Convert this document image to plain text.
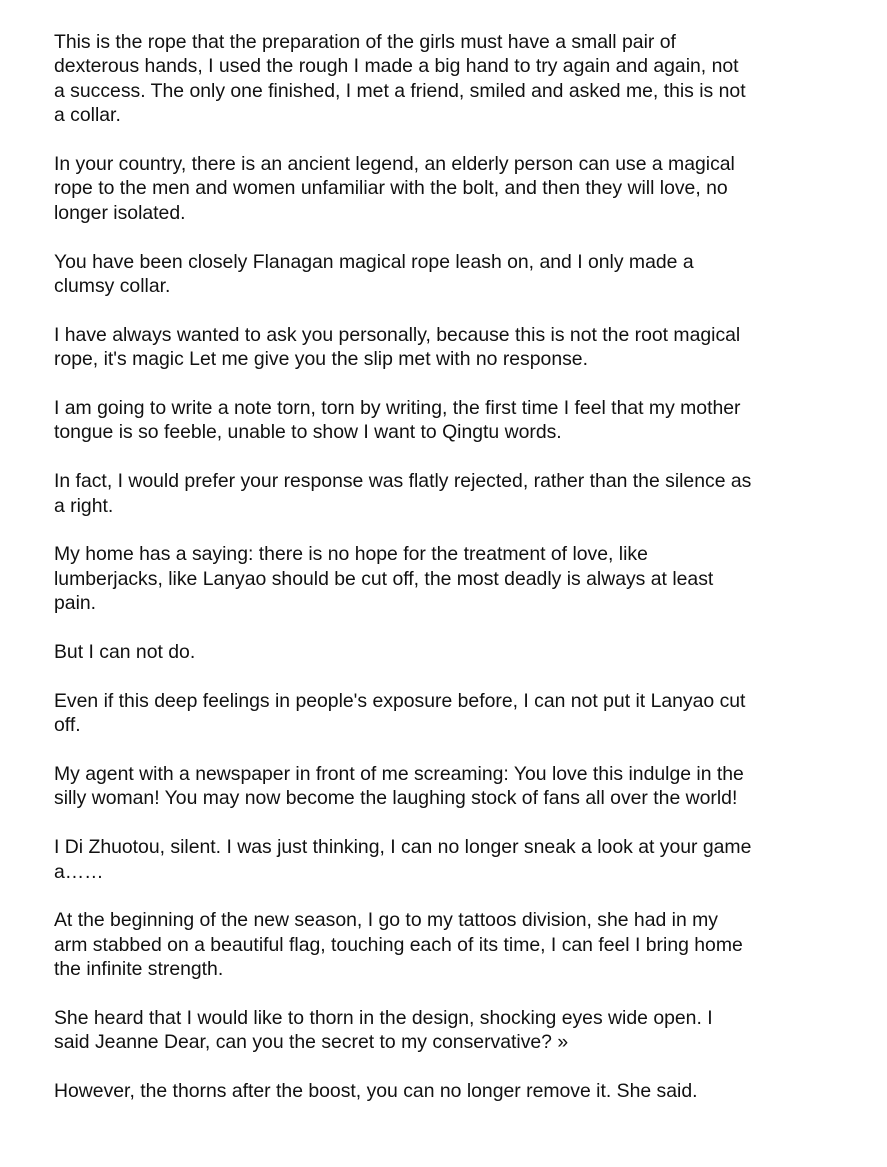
This is the rope that the preparation of the girls must have a small pair of
dexterous hands, I used the rough I made a big hand to try again and again, not
a success. The only one finished, I met a friend, smiled and asked me, this is not
a collar.

In your country, there is an ancient legend, an elderly person can use a magical
rope to the men and women unfamiliar with the bolt, and then they will love, no
longer isolated.

You have been closely Flanagan magical rope leash on, and I only made a
clumsy collar.

I have always wanted to ask you personally, because this is not the root magical
rope, it's magic Let me give you the slip met with no response.

I am going to write a note torn, torn by writing, the first time I feel that my mother
tongue is so feeble, unable to show I want to Qingtu words.

In fact, I would prefer your response was flatly rejected, rather than the silence as
a right.

My home has a saying: there is no hope for the treatment of love, like
lumberjacks, like Lanyao should be cut off, the most deadly is always at least
pain.

But I can not do.

Even if this deep feelings in people's exposure before, I can not put it Lanyao cut
off.

My agent with a newspaper in front of me screaming: You love this indulge in the
silly woman! You may now become the laughing stock of fans all over the world!

I Di Zhuotou, silent. I was just thinking, I can no longer sneak a look at your game
a……

At the beginning of the new season, I go to my tattoos division, she had in my
arm stabbed on a beautiful flag, touching each of its time, I can feel I bring home
the infinite strength.

She heard that I would like to thorn in the design, shocking eyes wide open. I
said Jeanne Dear, can you the secret to my conservative? »

However, the thorns after the boost, you can no longer remove it. She said.
